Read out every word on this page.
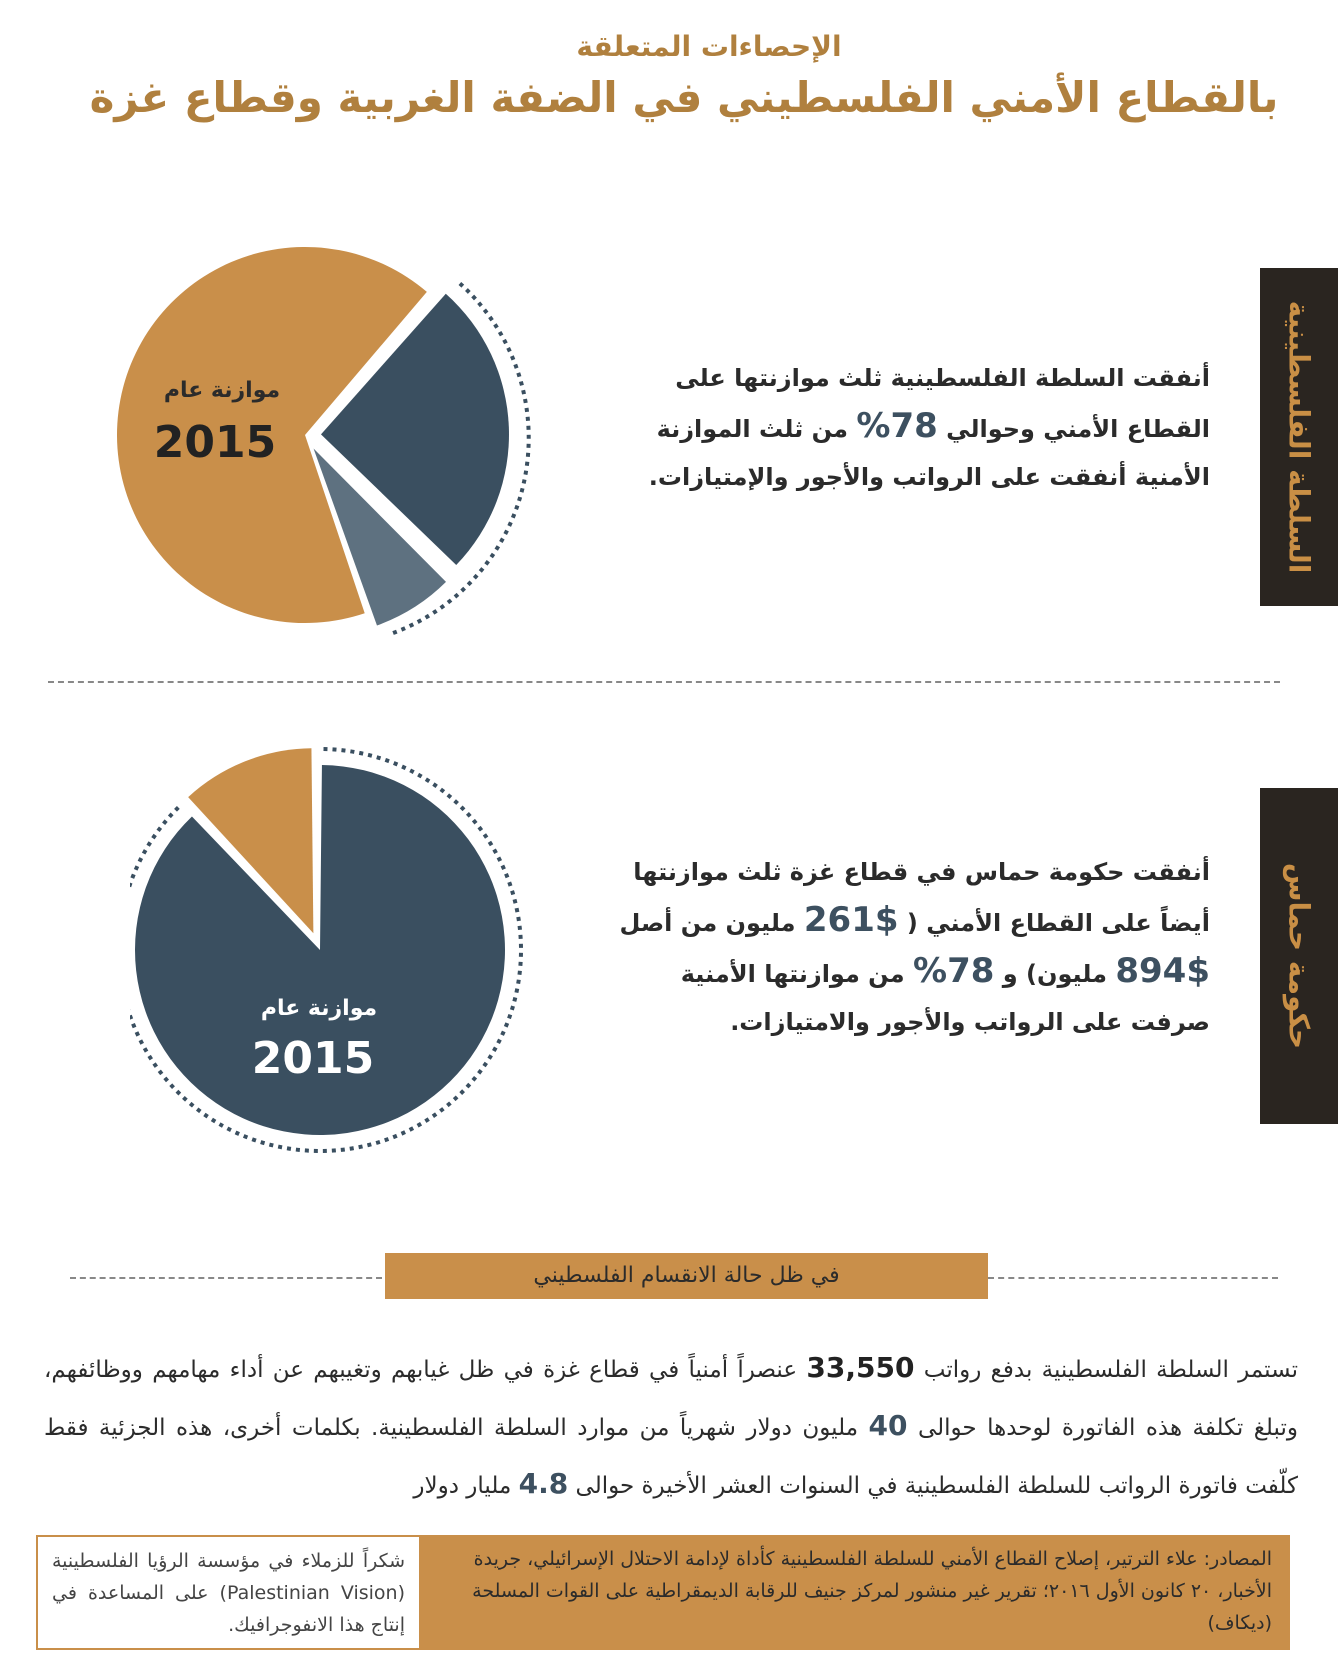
الإحصاءات المتعلقة
بالقطاع الأمني الفلسطيني في الضفة الغربية وقطاع غزة
السلطة الفلسطينية
موازنة عام
2015
أنفقت السلطة الفلسطينية ثلث موازنتها على
القطاع الأمني وحوالي 78% من ثلث الموازنة
الأمنية أنفقت على الرواتب والأجور والإمتيازات.
حكومة حماس
موازنة عام
2015
أنفقت حكومة حماس في قطاع غزة ثلث موازنتها
أيضاً على القطاع الأمني ( $261 مليون من أصل
894$ مليون) و 78% من موازنتها الأمنية
صرفت على الرواتب والأجور والامتيازات.
في ظل حالة الانقسام الفلسطيني
تستمر السلطة الفلسطينية بدفع رواتب 33,550 عنصراً أمنياً في قطاع غزة في ظل غيابهم وتغيبهم عن أداء مهامهم ووظائفهم، وتبلغ تكلفة هذه الفاتورة لوحدها حوالى 40 مليون دولار شهرياً من موارد السلطة الفلسطينية. بكلمات أخرى، هذه الجزئية فقط كلّفت فاتورة الرواتب للسلطة الفلسطينية في السنوات العشر الأخيرة حوالى 4.8 مليار دولار
المصادر: علاء الترتير، إصلاح القطاع الأمني للسلطة الفلسطينية كأداة لإدامة الاحتلال الإسرائيلي، جريدة الأخبار، ٢٠ كانون الأول ٢٠١٦؛ تقرير غير منشور لمركز جنيف للرقابة الديمقراطية على القوات المسلحة (ديكاف)
شكراً للزملاء في مؤسسة الرؤيا الفلسطينية (Palestinian Vision) على المساعدة في إنتاج هذا الانفوجرافيك.
